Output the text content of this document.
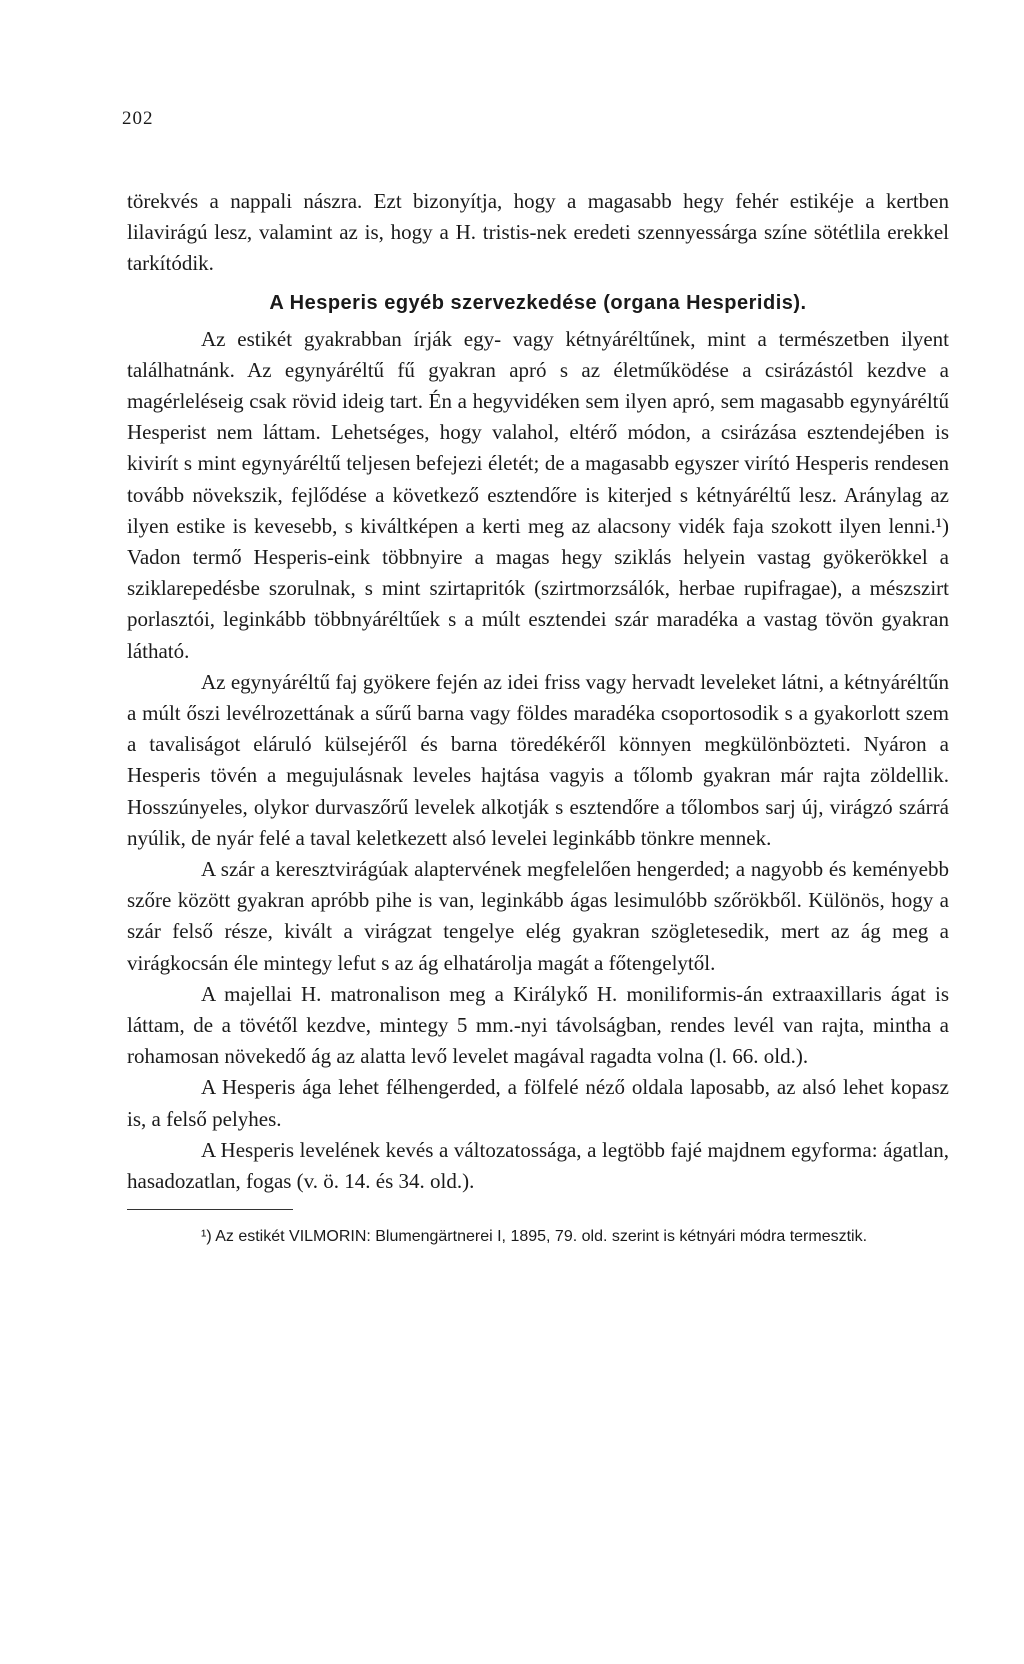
202

törekvés a nappali nászra. Ezt bizonyítja, hogy a magasabb hegy fehér estikéje a kertben lilavirágú lesz, valamint az is, hogy a H. tristis-nek eredeti szennyessárga színe sötétlila erekkel tarkítódik.

A Hesperis egyéb szervezkedése (organa Hesperidis).

Az estikét gyakrabban írják egy- vagy kétnyáréltűnek, mint a természetben ilyent találhatnánk. Az egynyáréltű fű gyakran apró s az életműködése a csirázástól kezdve a magérleléseig csak rövid ideig tart. Én a hegyvidéken sem ilyen apró, sem magasabb egynyáréltű Hesperist nem láttam. Lehetséges, hogy valahol, eltérő módon, a csirázása esztendejében is kivirít s mint egynyáréltű teljesen befejezi életét; de a magasabb egyszer virító Hesperis rendesen tovább növekszik, fejlődése a következő esztendőre is kiterjed s kétnyáréltű lesz. Aránylag az ilyen estike is kevesebb, s kiváltképen a kerti meg az alacsony vidék faja szokott ilyen lenni.¹) Vadon termő Hesperis-eink többnyire a magas hegy sziklás helyein vastag gyökerökkel a sziklarepedésbe szorulnak, s mint szirtapritók (szirtmorzsálók, herbae rupifragae), a mészszirt porlasztói, leginkább többnyáréltűek s a múlt esztendei szár maradéka a vastag tövön gyakran látható.

Az egynyáréltű faj gyökere fején az idei friss vagy hervadt leveleket látni, a kétnyáréltűn a múlt őszi levélrozettának a sűrű barna vagy földes maradéka csoportosodik s a gyakorlott szem a tavaliságot eláruló külsejéről és barna töredékéről könnyen megkülönbözteti. Nyáron a Hesperis tövén a megujulásnak leveles hajtása vagyis a tőlomb gyakran már rajta zöldellik. Hosszúnyeles, olykor durvaszőrű levelek alkotják s esztendőre a tőlombos sarj új, virágzó szárrá nyúlik, de nyár felé a taval keletkezett alsó levelei leginkább tönkre mennek.

A szár a keresztvirágúak alaptervének megfelelően hengerded; a nagyobb és keményebb szőre között gyakran apróbb pihe is van, leginkább ágas lesimulóbb szőrökből. Különös, hogy a szár felső része, kivált a virágzat tengelye elég gyakran szögletesedik, mert az ág meg a virágkocsán éle mintegy lefut s az ág elhatárolja magát a főtengelytől.

A majellai H. matronalison meg a Királykő H. moniliformis-án extraaxillaris ágat is láttam, de a tövétől kezdve, mintegy 5 mm.-nyi távolságban, rendes levél van rajta, mintha a rohamosan növekedő ág az alatta levő levelet magával ragadta volna (l. 66. old.).

A Hesperis ága lehet félhengerded, a fölfelé néző oldala laposabb, az alsó lehet kopasz is, a felső pelyhes.

A Hesperis levelének kevés a változatossága, a legtöbb fajé majdnem egyforma: ágatlan, hasadozatlan, fogas (v. ö. 14. és 34. old.).

¹) Az estikét VILMORIN: Blumengärtnerei I, 1895, 79. old. szerint is kétnyári módra termesztik.
